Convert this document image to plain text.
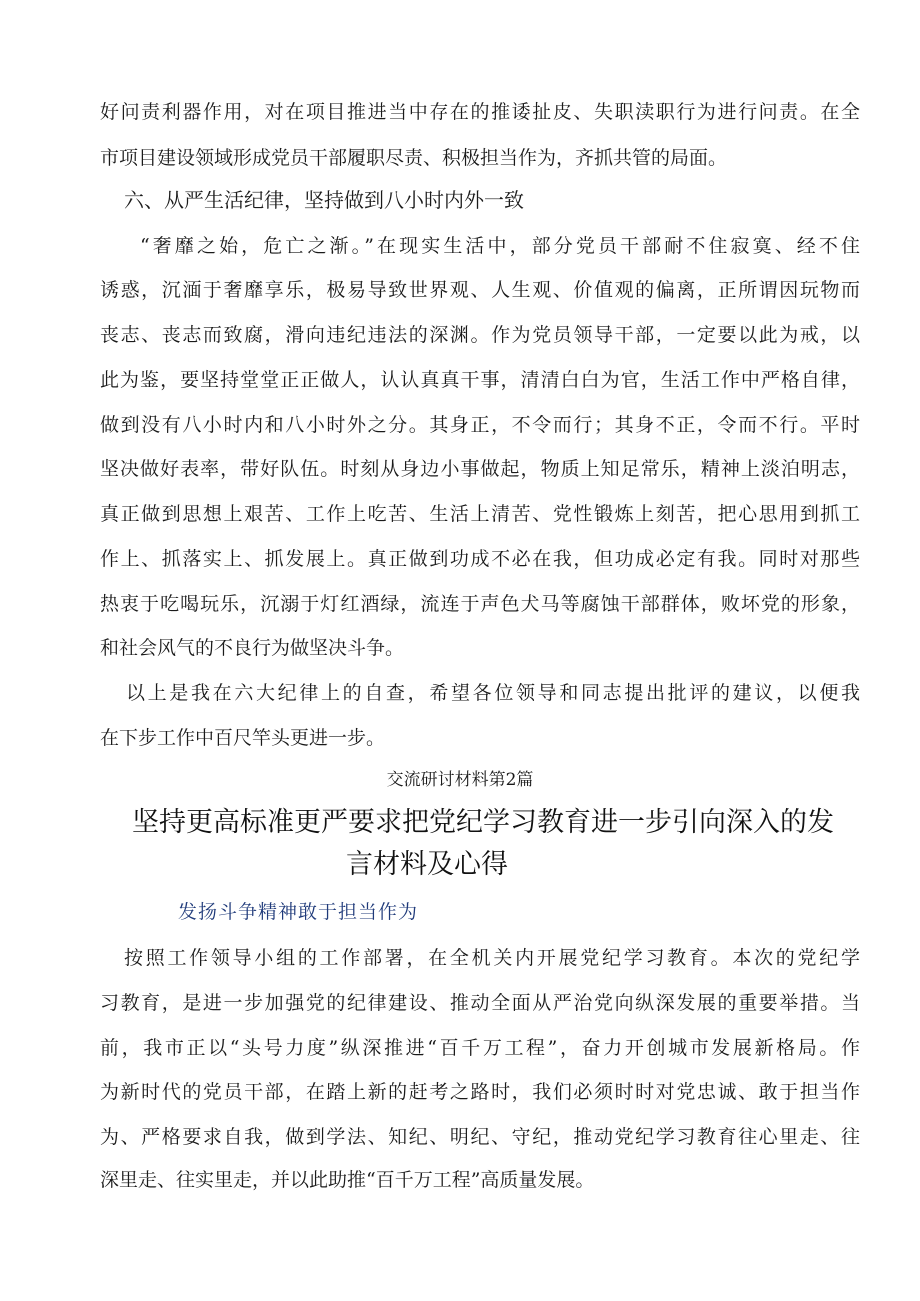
好问责利器作用，对在项目推进当中存在的推诿扯皮、失职渎职行为进行问责。在全
市项目建设领域形成党员干部履职尽责、积极担当作为，齐抓共管的局面。
六、从严生活纪律，坚持做到八小时内外一致
“奢靡之始，危亡之渐。”在现实生活中，部分党员干部耐不住寂寞、经不住
诱惑，沉湎于奢靡享乐，极易导致世界观、人生观、价值观的偏离，正所谓因玩物而
丧志、丧志而致腐，滑向违纪违法的深渊。作为党员领导干部，一定要以此为戒，以
此为鉴，要坚持堂堂正正做人，认认真真干事，清清白白为官，生活工作中严格自律，
做到没有八小时内和八小时外之分。其身正，不令而行；其身不正，令而不行。平时
坚决做好表率，带好队伍。时刻从身边小事做起，物质上知足常乐，精神上淡泊明志，
真正做到思想上艰苦、工作上吃苦、生活上清苦、党性锻炼上刻苦，把心思用到抓工
作上、抓落实上、抓发展上。真正做到功成不必在我，但功成必定有我。同时对那些
热衷于吃喝玩乐，沉溺于灯红酒绿，流连于声色犬马等腐蚀干部群体，败坏党的形象，
和社会风气的不良行为做坚决斗争。
以上是我在六大纪律上的自查，希望各位领导和同志提出批评的建议，以便我
在下步工作中百尺竿头更进一步。
交流研讨材料第2篇
坚持更高标准更严要求把党纪学习教育进一步引向深入的发
言材料及心得
发扬斗争精神敢于担当作为
按照工作领导小组的工作部署，在全机关内开展党纪学习教育。本次的党纪学
习教育，是进一步加强党的纪律建设、推动全面从严治党向纵深发展的重要举措。当
前，我市正以“头号力度”纵深推进“百千万工程”，奋力开创城市发展新格局。作
为新时代的党员干部，在踏上新的赶考之路时，我们必须时时对党忠诚、敢于担当作
为、严格要求自我，做到学法、知纪、明纪、守纪，推动党纪学习教育往心里走、往
深里走、往实里走，并以此助推“百千万工程”高质量发展。
